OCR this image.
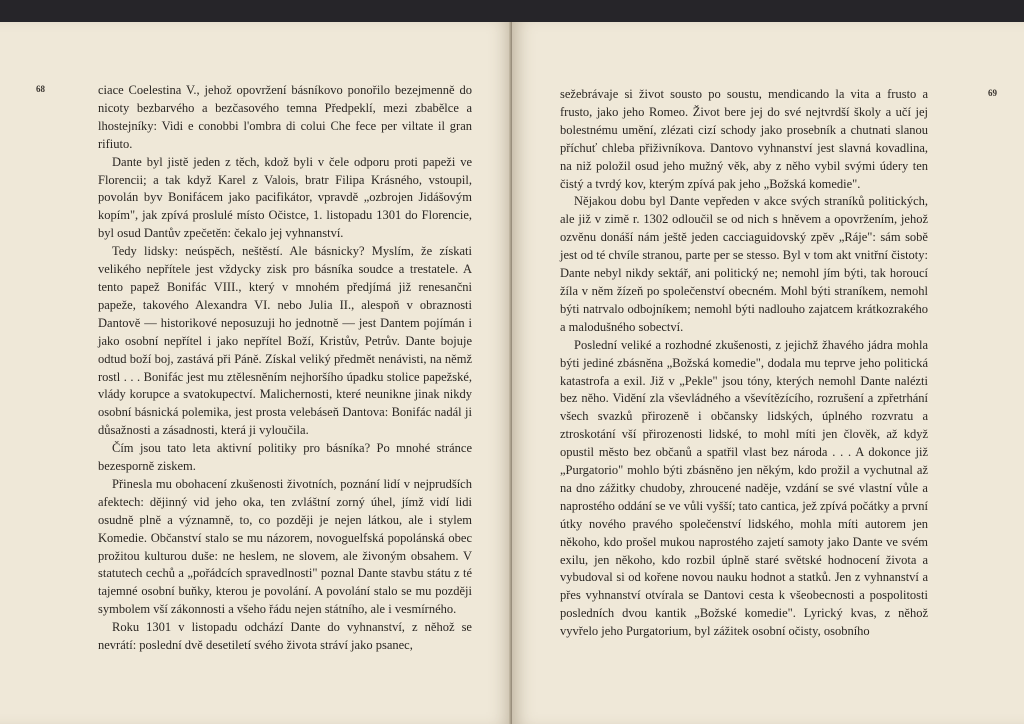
68	ciace Coelestina V., jehož opovržení básníkovo ponořilo bezejmenně do nicoty bezbarvého a bezčasového temna Předpeklí, mezi zbabělce a lhostejníky: Vidi e conobbi l'ombra di colui Che fece per viltate il gran rifiuto.

Dante byl jistě jeden z těch, kdož byli v čele odporu proti papeži ve Florencii; a tak když Karel z Valois, bratr Filipa Krásného, vstoupil, povolán byv Bonifácem jako pacifikátor, vpravdě „ozbrojen Jidášovým kopím", jak zpívá proslulé místo Očistce, 1. listopadu 1301 do Florencie, byl osud Dantův zpečetěn: čekalo jej vyhnanství.

Tedy lidsky: neúspěch, neštěstí. Ale básnicky? Myslím, že získati velikého nepřítele jest vždycky zisk pro básníka soudce a trestatele. A tento papež Bonifác VIII., který v mnohém předjímá již renesančni papeže, takového Alexandra VI. nebo Julia II., alespoň v obraznosti Dantově — historikové neposuzuji ho jednotně — jest Dantem pojímán i jako osobní nepřítel i jako nepřítel Boží, Kristův, Petrův. Dante bojuje odtud boží boj, zastává při Páně. Získal veliký předmět nenávisti, na němž rostl . . . Bonifác jest mu ztělesněním nejhoršího úpadku stolice papežské, vlády korupce a svatokupectví. Malichernosti, které neunikne jinak nikdy osobní básnická polemika, jest prosta velebáseň Dantova: Bonifác nadál ji důsažnosti a zásadnosti, která ji vyloučila.

Čím jsou tato leta aktivní politiky pro básníka? Po mnohé stránce bezesporně ziskem.

Přinesla mu obohacení zkušenosti životních, poznání lidí v nejprudších afektech: dějinný vid jeho oka, ten zvláštní zorný úhel, jímž vidí lidi osudně plně a významně, to, co později je nejen látkou, ale i stylem Komedie. Občanství stalo se mu názorem, novoguelfská popolánská obec prožitou kulturou duše: ne heslem, ne slovem, ale živoným obsahem. V statutech cechů a „pořádcích spravedlnosti" poznal Dante stavbu státu z té tajemné osobní buňky, kterou je povolání. A povolání stalo se mu později symbolem vší zákonnosti a všeho řádu nejen státního, ale i vesmírného.

Roku 1301 v listopadu odchází Dante do vyhnanství, z něhož se nevrátí: poslední dvě desetiletí svého života stráví jako psanec,

69

sežebrávaje si život sousto po soustu, mendicando la vita a frusto a frusto, jako jeho Romeo. Život bere jej do své nejtvrdší školy a učí jej bolestnému umění, zlézati cizí schody jako prosebník a chutnati slanou příchuť chleba přiživníkova. Dantovo vyhnanství jest slavná kovadlina, na niž položil osud jeho mužný věk, aby z něho vybil svými údery ten čistý a tvrdý kov, kterým zpívá pak jeho „Božská komedie".

Nějakou dobu byl Dante vepředen v akce svých straníků politických, ale již v zimě r. 1302 odloučil se od nich s hněvem a opovržením, jehož ozvěnu donáší nám ještě jeden cacciaguidovský zpěv „Ráje": sám sobě jest od té chvíle stranou, parte per se stesso. Byl v tom akt vnitřní čistoty: Dante nebyl nikdy sektář, ani politický ne; nemohl jím býti, tak horoucí žíla v něm žízeň po společenství obecném. Mohl býti straníkem, nemohl býti natrvalo odbojníkem; nemohl býti nadlouho zajatcem krátkozrakého a malodušného sobectví.

Poslední veliké a rozhodné zkušenosti, z jejichž žhavého jádra mohla býti jediné zbásněna „Božská komedie", dodala mu teprve jeho politická katastrofa a exil. Již v „Pekle" jsou tóny, kterých nemohl Dante nalézti bez něho. Vidění zla vševládného a vševítězícího, rozrušení a zpřetrhání všech svazků přirozeně i občansky lidských, úplného rozvratu a ztroskotání vší přirozenosti lidské, to mohl míti jen člověk, až když opustil město bez občanů a spatřil vlast bez národa . . . A dokonce již „Purgatorio" mohlo býti zbásněno jen někým, kdo prožil a vychutnal až na dno zážitky chudoby, zhroucené naděje, vzdání se své vlastní vůle a naprostého oddání se ve vůli vyšší; tato cantica, jež zpívá počátky a první útky nového pravého společenství lidského, mohla míti autorem jen někoho, kdo prošel mukou naprostého zajetí samoty jako Dante ve svém exilu, jen někoho, kdo rozbil úplně staré světské hodnocení života a vybudoval si od kořene novou nauku hodnot a statků. Jen z vyhnanství a přes vyhnanství otvírala se Dantovi cesta k všeobecnosti a pospolitosti posledních dvou kantik „Božské komedie". Lyrický kvas, z něhož vyvřelo jeho Purgatorium, byl zážitek osobní očisty, osobního
